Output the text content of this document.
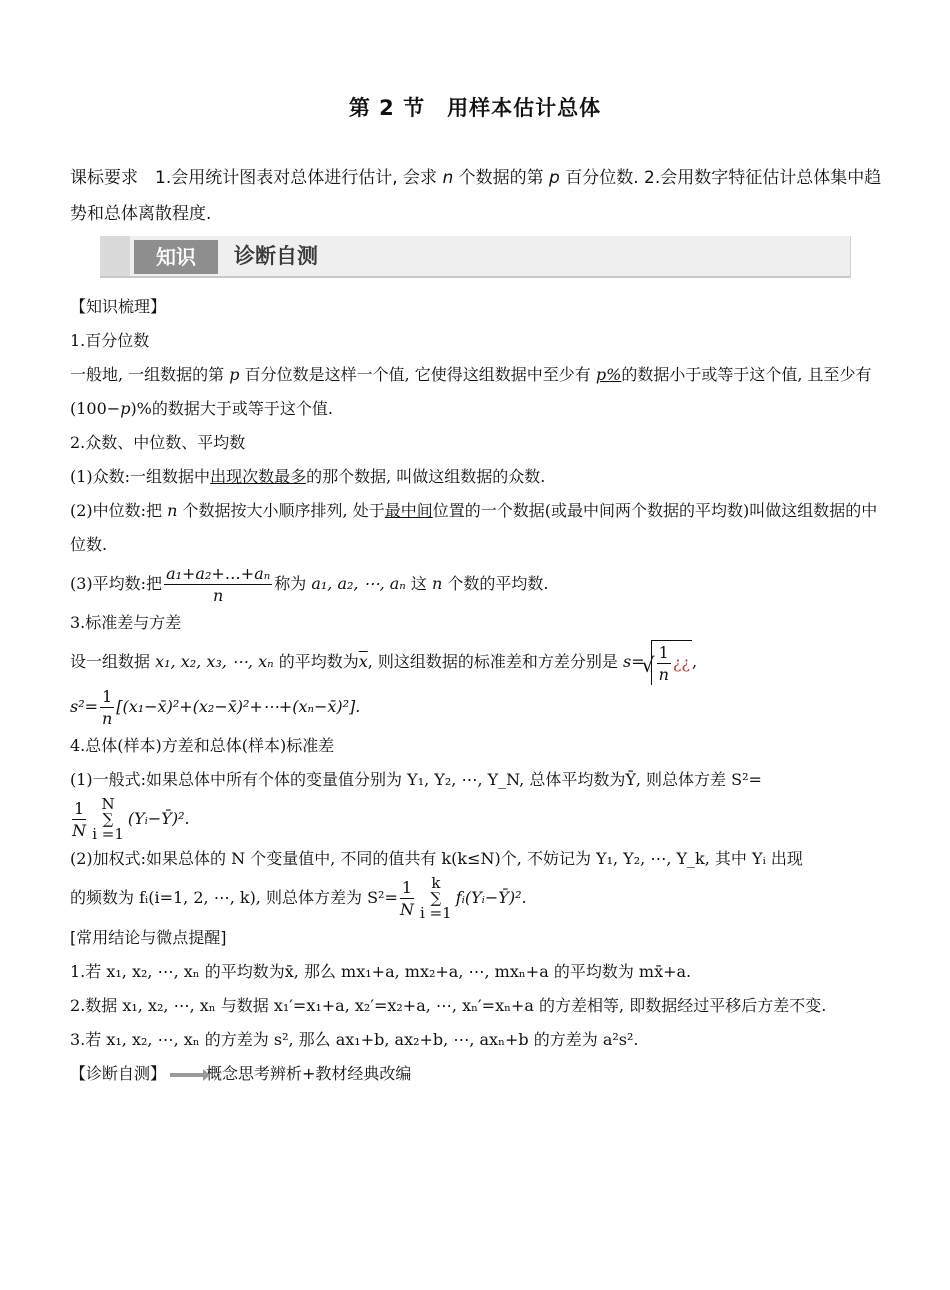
第 2 节　用样本估计总体
课标要求　1.会用统计图表对总体进行估计, 会求 n 个数据的第 p 百分位数. 2.会用数字特征估计总体集中趋势和总体离散程度.
知识	诊断自测

【知识梳理】

1.百分位数

一般地, 一组数据的第 p 百分位数是这样一个值, 它使得这组数据中至少有 p%的数据小于或等于这个值, 且至少有(100−p)%的数据大于或等于这个值.

2.众数、中位数、平均数

(1)众数:一组数据中出现次数最多的那个数据, 叫做这组数据的众数.

(2)中位数:把 n 个数据按大小顺序排列, 处于最中间位置的一个数据(或最中间两个数据的平均数)叫做这组数据的中位数.

(3)平均数:把 $\frac{\text{a₁+a₂+…+aₙ}}{n}$ 称为 a₁, a₂, ⋯, aₙ 这 n 个数的平均数.

3.标准差与方差

设一组数据 x₁, x₂, x₃, ⋯, xₙ 的平均数为$\overline{x}$, 则这组数据的标准差和方差分别是 s= √ $\frac{1}{n}$ ¿¿ ,

$s^2= \frac{1}{n}$ [(x₁−x̄)²+(x₂−x̄)²+⋯+(xₙ−x̄)²].

4.总体(样本)方差和总体(样本)标准差

(1)一般式:如果总体中所有个体的变量值分别为 Y₁, Y₂, ⋯, Y_N, 总体平均数为Ȳ, 则总体方差 S²=

$\frac{1}{N}$	N
∑
i =1
(Yᵢ−Ȳ)².

(2)加权式:如果总体的 N 个变量值中, 不同的值共有 k(k≤N)个, 不妨记为 Y₁, Y₂, ⋯, Y_k, 其中 Yᵢ 出现

的频数为 fᵢ(i=1, 2, ⋯, k), 则总体方差为 $S^2= \frac{1}{N}$	k
∑
i =1
fᵢ(Yᵢ−Ȳ)².

[常用结论与微点提醒]

1.若 x₁, x₂, ⋯, xₙ 的平均数为x̄, 那么 mx₁+a, mx₂+a, ⋯, mxₙ+a 的平均数为 mx̄+a.

2.数据 x₁, x₂, ⋯, xₙ 与数据 x₁′=x₁+a, x₂′=x₂+a, ⋯, xₙ′=xₙ+a 的方差相等, 即数据经过平移后方差不变.

3.若 x₁, x₂, ⋯, xₙ 的方差为 s², 那么 ax₁+b, ax₂+b, ⋯, axₙ+b 的方差为 a²s².

【诊断自测】	概念思考辨析+教材经典改编
